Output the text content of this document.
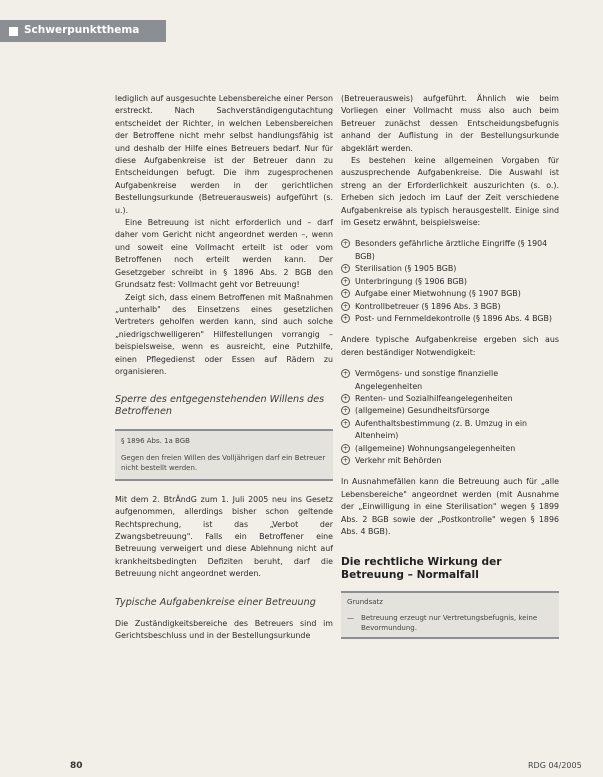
Schwerpunktthema

lediglich auf ausgesuchte Lebensbereiche einer Person erstreckt. Nach Sachverständigengutachtung entscheidet der Richter, in welchen Lebensbereichen der Betroffene nicht mehr selbst handlungsfähig ist und deshalb der Hilfe eines Betreuers bedarf. Nur für diese Aufgabenkreise ist der Betreuer dann zu Entscheidungen befugt. Die ihm zugesprochenen Aufgabenkreise werden in der gerichtlichen Bestellungsurkunde (Betreuerausweis) aufgeführt (s. u.).

Eine Betreuung ist nicht erforderlich und – darf daher vom Gericht nicht angeordnet werden –, wenn und soweit eine Vollmacht erteilt ist oder vom Betroffenen noch erteilt werden kann. Der Gesetzgeber schreibt in § 1896 Abs. 2 BGB den Grundsatz fest: Vollmacht geht vor Betreuung!

Zeigt sich, dass einem Betroffenen mit Maßnahmen „unterhalb" des Einsetzens eines gesetzlichen Vertreters geholfen werden kann, sind auch solche „niedrigschwelligeren" Hilfestellungen vorrangig – beispielsweise, wenn es ausreicht, eine Putzhilfe, einen Pflegedienst oder Essen auf Rädern zu organisieren.

Sperre des entgegenstehenden Willens des Betroffenen
§ 1896 Abs. 1a BGB
Gegen den freien Willen des Volljährigen darf ein Betreuer nicht bestellt werden.

Mit dem 2. BtrÄndG zum 1. Juli 2005 neu ins Gesetz aufgenommen, allerdings bisher schon geltende Rechtsprechung, ist das „Verbot der Zwangsbetreuung". Falls ein Betroffener eine Betreuung verweigert und diese Ablehnung nicht auf krankheitsbedingten Defiziten beruht, darf die Betreuung nicht angeordnet werden.

Typische Aufgabenkreise einer Betreuung

Die Zuständigkeitsbereiche des Betreuers sind im Gerichtsbeschluss und in der Bestellungsurkunde

(Betreuerausweis) aufgeführt. Ähnlich wie beim Vorliegen einer Vollmacht muss also auch beim Betreuer zunächst dessen Entscheidungsbefugnis anhand der Auflistung in der Bestellungsurkunde abgeklärt werden.

Es bestehen keine allgemeinen Vorgaben für auszusprechende Aufgabenkreise. Die Auswahl ist streng an der Erforderlichkeit auszurichten (s. o.). Erheben sich jedoch im Lauf der Zeit verschiedene Aufgabenkreise als typisch herausgestellt. Einige sind im Gesetz erwähnt, beispielsweise:

+ Besonders gefährliche ärztliche Eingriffe (§ 1904 BGB)
+ Sterilisation (§ 1905 BGB)
+ Unterbringung (§ 1906 BGB)
+ Aufgabe einer Mietwohnung (§ 1907 BGB)
+ Kontrollbetreuer (§ 1896 Abs. 3 BGB)
+ Post- und Fernmeldekontrolle (§ 1896 Abs. 4 BGB)

Andere typische Aufgabenkreise ergeben sich aus deren beständiger Notwendigkeit:

+ Vermögens- und sonstige finanzielle Angelegenheiten
+ Renten- und Sozialhilfeangelegenheiten
+ (allgemeine) Gesundheitsfürsorge
+ Aufenthaltsbestimmung (z. B. Umzug in ein Altenheim)
+ (allgemeine) Wohnungsangelegenheiten
+ Verkehr mit Behörden

In Ausnahmefällen kann die Betreuung auch für „alle Lebensbereiche" angeordnet werden (mit Ausnahme der „Einwilligung in eine Sterilisation" wegen § 1899 Abs. 2 BGB sowie der „Postkontrolle" wegen § 1896 Abs. 4 BGB).

Die rechtliche Wirkung der Betreuung – Normalfall
Grundsatz
— Betreuung erzeugt nur Vertretungsbefugnis, keine Bevormundung.
80	RDG 04/2005
